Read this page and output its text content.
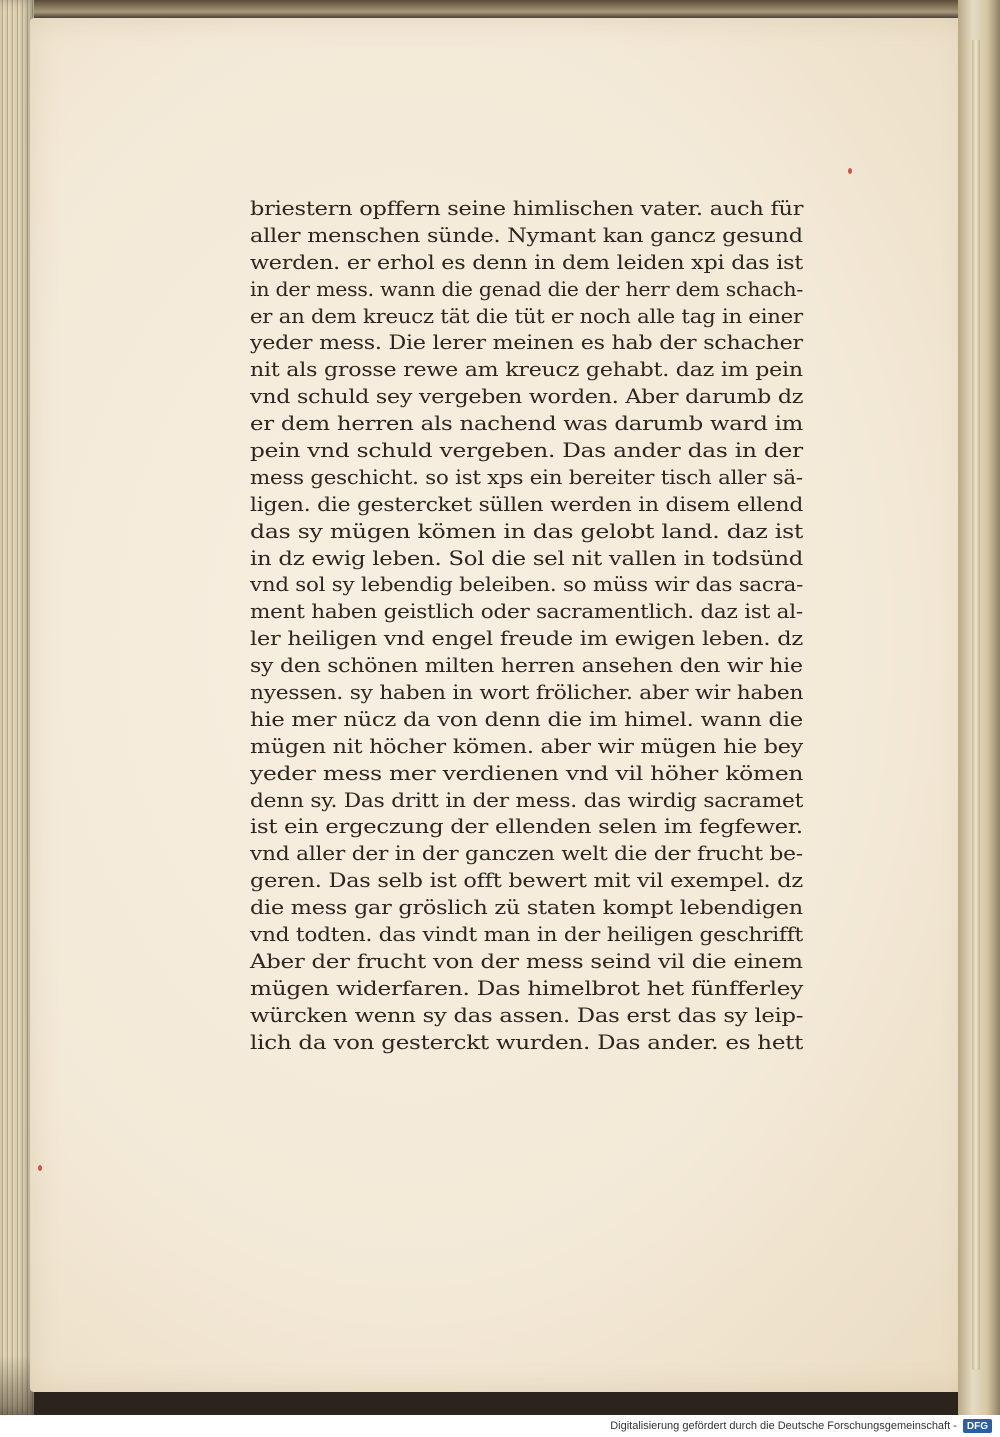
briestern opffern seine himlischen vater. auch für
aller menschen sünde. Nymant kan gancz gesund
werden. er erhol es denn in dem leiden xpi das ist
in der mess. wann die genad die der herr dem schach-
er an dem kreucz tät die tüt er noch alle tag in einer
yeder mess. Die lerer meinen es hab der schacher
nit als grosse rewe am kreucz gehabt. daz im pein
vnd schuld sey vergeben worden. Aber darumb dz
er dem herren als nachend was darumb ward im
pein vnd schuld vergeben. Das ander das in der
mess geschicht. so ist xps ein bereiter tisch aller sä-
ligen. die gestercket süllen werden in disem ellend
das sy mügen kömen in das gelobt land. daz ist
in dz ewig leben. Sol die sel nit vallen in todsünd
vnd sol sy lebendig beleiben. so müss wir das sacra-
ment haben geistlich oder sacramentlich. daz ist al-
ler heiligen vnd engel freude im ewigen leben. dz
sy den schönen milten herren ansehen den wir hie
nyessen. sy haben in wort frölicher. aber wir haben
hie mer nücz da von denn die im himel. wann die
mügen nit höcher kömen. aber wir mügen hie bey
yeder mess mer verdienen vnd vil höher kömen
denn sy. Das dritt in der mess. das wirdig sacramet
ist ein ergeczung der ellenden selen im fegfewer.
vnd aller der in der ganczen welt die der frucht be-
geren. Das selb ist offt bewert mit vil exempel. dz
die mess gar gröslich zü staten kompt lebendigen
vnd todten. das vindt man in der heiligen geschrifft
Aber der frucht von der mess seind vil die einem
mügen widerfaren. Das himelbrot het fünfferley
würcken wenn sy das assen. Das erst das sy leip-
lich da von gesterckt wurden. Das ander. es hett
Digitalisierung gefördert durch die Deutsche Forschungsgemeinschaft -	DFG
